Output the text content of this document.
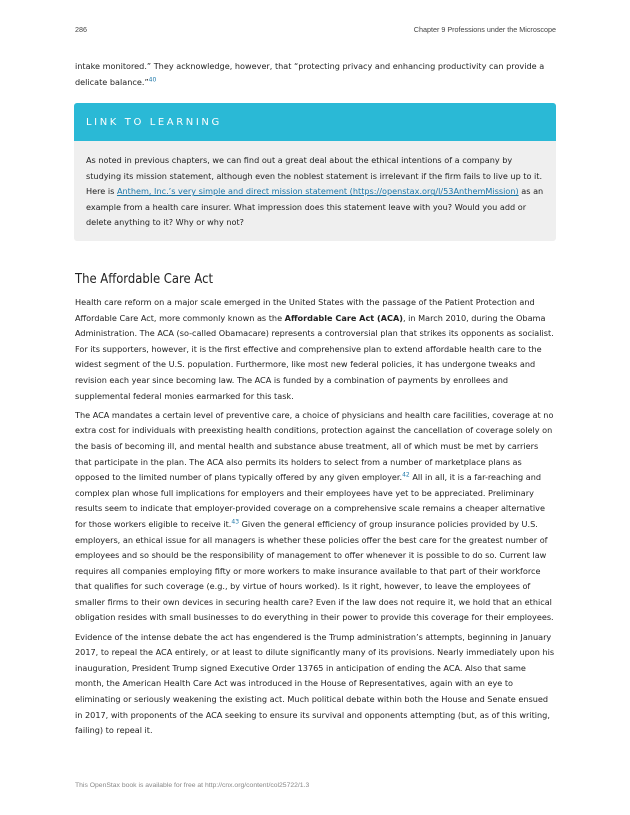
286	Chapter 9 Professions under the Microscope

intake monitored.” They acknowledge, however, that “protecting privacy and enhancing productivity can provide a delicate balance.”$^{40}$

LINK TO LEARNING

As noted in previous chapters, we can find out a great deal about the ethical intentions of a company by studying its mission statement, although even the noblest statement is irrelevant if the firm fails to live up to it. Here is Anthem, Inc.’s very simple and direct mission statement (https://openstax.org/l/53AnthemMission) as an example from a health care insurer. What impression does this statement leave with you? Would you add or delete anything to it? Why or why not?

The Affordable Care Act

Health care reform on a major scale emerged in the United States with the passage of the Patient Protection and Affordable Care Act, more commonly known as the Affordable Care Act (ACA), in March 2010, during the Obama Administration. The ACA (so-called Obamacare) represents a controversial plan that strikes its opponents as socialist. For its supporters, however, it is the first effective and comprehensive plan to extend affordable health care to the widest segment of the U.S. population. Furthermore, like most new federal policies, it has undergone tweaks and revision each year since becoming law. The ACA is funded by a combination of payments by enrollees and supplemental federal monies earmarked for this task.

The ACA mandates a certain level of preventive care, a choice of physicians and health care facilities, coverage at no extra cost for individuals with preexisting health conditions, protection against the cancellation of coverage solely on the basis of becoming ill, and mental health and substance abuse treatment, all of which must be met by carriers that participate in the plan. The ACA also permits its holders to select from a number of marketplace plans as opposed to the limited number of plans typically offered by any given employer.$^{42}$ All in all, it is a far-reaching and complex plan whose full implications for employers and their employees have yet to be appreciated. Preliminary results seem to indicate that employer-provided coverage on a comprehensive scale remains a cheaper alternative for those workers eligible to receive it.$^{43}$ Given the general efficiency of group insurance policies provided by U.S. employers, an ethical issue for all managers is whether these policies offer the best care for the greatest number of employees and so should be the responsibility of management to offer whenever it is possible to do so. Current law requires all companies employing fifty or more workers to make insurance available to that part of their workforce that qualifies for such coverage (e.g., by virtue of hours worked). Is it right, however, to leave the employees of smaller firms to their own devices in securing health care? Even if the law does not require it, we hold that an ethical obligation resides with small businesses to do everything in their power to provide this coverage for their employees.

Evidence of the intense debate the act has engendered is the Trump administration’s attempts, beginning in January 2017, to repeal the ACA entirely, or at least to dilute significantly many of its provisions. Nearly immediately upon his inauguration, President Trump signed Executive Order 13765 in anticipation of ending the ACA. Also that same month, the American Health Care Act was introduced in the House of Representatives, again with an eye to eliminating or seriously weakening the existing act. Much political debate within both the House and Senate ensued in 2017, with proponents of the ACA seeking to ensure its survival and opponents attempting (but, as of this writing, failing) to repeal it.

This OpenStax book is available for free at http://cnx.org/content/col25722/1.3
